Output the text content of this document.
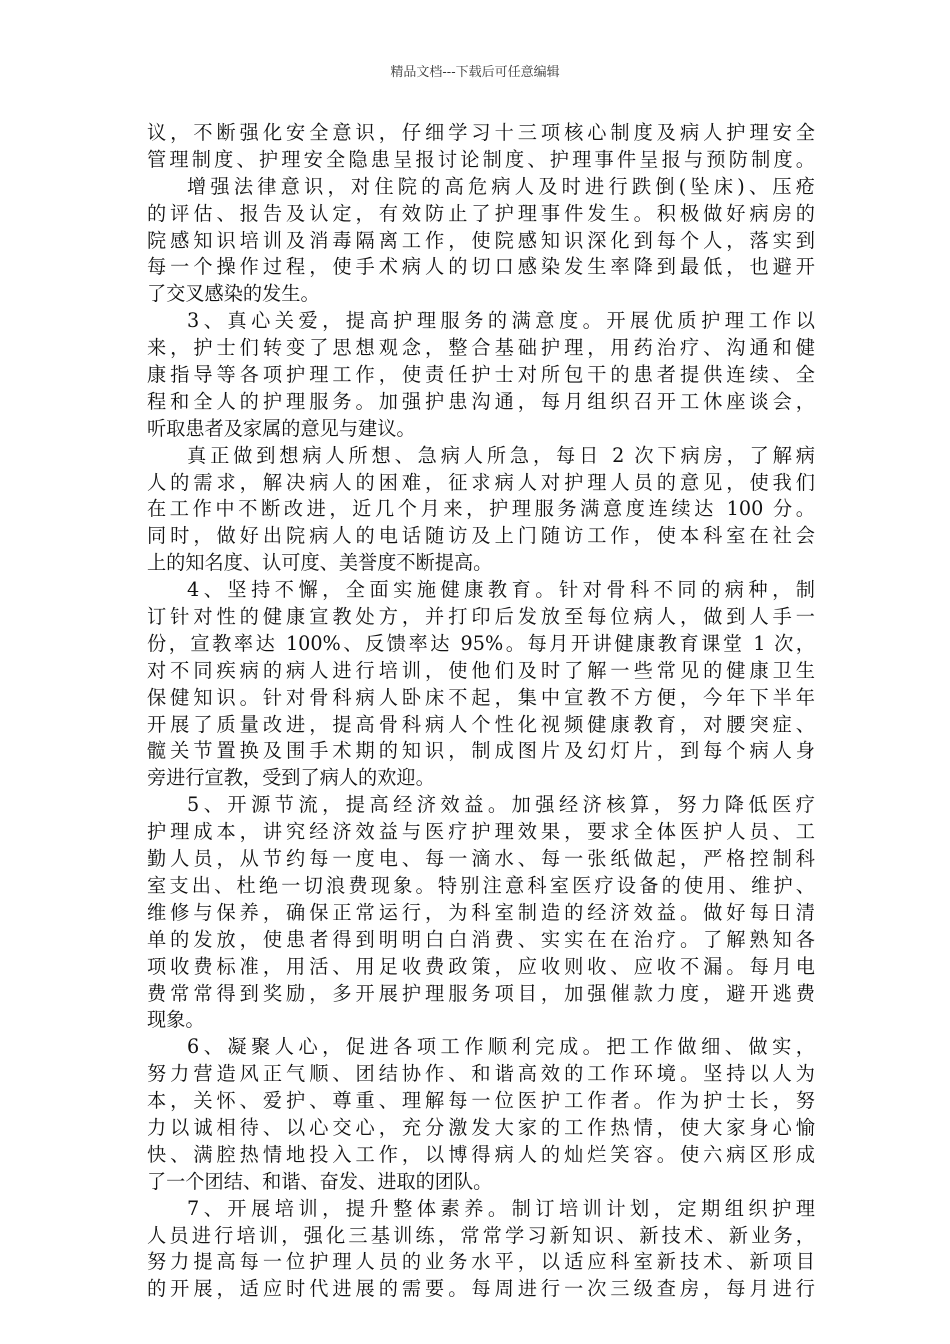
精品文档---下载后可任意编辑
议，不断强化安全意识，仔细学习十三项核心制度及病人护理安全
管理制度、护理安全隐患呈报讨论制度、护理事件呈报与预防制度。
增强法律意识，对住院的高危病人及时进行跌倒(坠床)、压疮
的评估、报告及认定，有效防止了护理事件发生。积极做好病房的
院感知识培训及消毒隔离工作，使院感知识深化到每个人，落实到
每一个操作过程，使手术病人的切口感染发生率降到最低，也避开
了交叉感染的发生。
3、真心关爱，提高护理服务的满意度。开展优质护理工作以
来，护士们转变了思想观念，整合基础护理，用药治疗、沟通和健
康指导等各项护理工作，使责任护士对所包干的患者提供连续、全
程和全人的护理服务。加强护患沟通，每月组织召开工休座谈会，
听取患者及家属的意见与建议。
真正做到想病人所想、急病人所急，每日 2 次下病房，了解病
人的需求，解决病人的困难，征求病人对护理人员的意见，使我们
在工作中不断改进，近几个月来，护理服务满意度连续达 100 分。
同时，做好出院病人的电话随访及上门随访工作，使本科室在社会
上的知名度、认可度、美誉度不断提高。
4、坚持不懈，全面实施健康教育。针对骨科不同的病种，制
订针对性的健康宣教处方，并打印后发放至每位病人，做到人手一
份，宣教率达 100%、反馈率达 95%。每月开讲健康教育课堂 1 次，
对不同疾病的病人进行培训，使他们及时了解一些常见的健康卫生
保健知识。针对骨科病人卧床不起，集中宣教不方便，今年下半年
开展了质量改进，提高骨科病人个性化视频健康教育，对腰突症、
髋关节置换及围手术期的知识，制成图片及幻灯片，到每个病人身
旁进行宣教，受到了病人的欢迎。
5、开源节流，提高经济效益。加强经济核算，努力降低医疗
护理成本，讲究经济效益与医疗护理效果，要求全体医护人员、工
勤人员，从节约每一度电、每一滴水、每一张纸做起，严格控制科
室支出、杜绝一切浪费现象。特别注意科室医疗设备的使用、维护、
维修与保养，确保正常运行，为科室制造的经济效益。做好每日清
单的发放，使患者得到明明白白消费、实实在在治疗。了解熟知各
项收费标准，用活、用足收费政策，应收则收、应收不漏。每月电
费常常得到奖励，多开展护理服务项目，加强催款力度，避开逃费
现象。
6、凝聚人心，促进各项工作顺利完成。把工作做细、做实，
努力营造风正气顺、团结协作、和谐高效的工作环境。坚持以人为
本，关怀、爱护、尊重、理解每一位医护工作者。作为护士长，努
力以诚相待、以心交心，充分激发大家的工作热情，使大家身心愉
快、满腔热情地投入工作，以博得病人的灿烂笑容。使六病区形成
了一个团结、和谐、奋发、进取的团队。
7、开展培训，提升整体素养。制订培训计划，定期组织护理
人员进行培训，强化三基训练，常常学习新知识、新技术、新业务，
努力提高每一位护理人员的业务水平，以适应科室新技术、新项目
的开展，适应时代进展的需要。每周进行一次三级查房，每月进行
